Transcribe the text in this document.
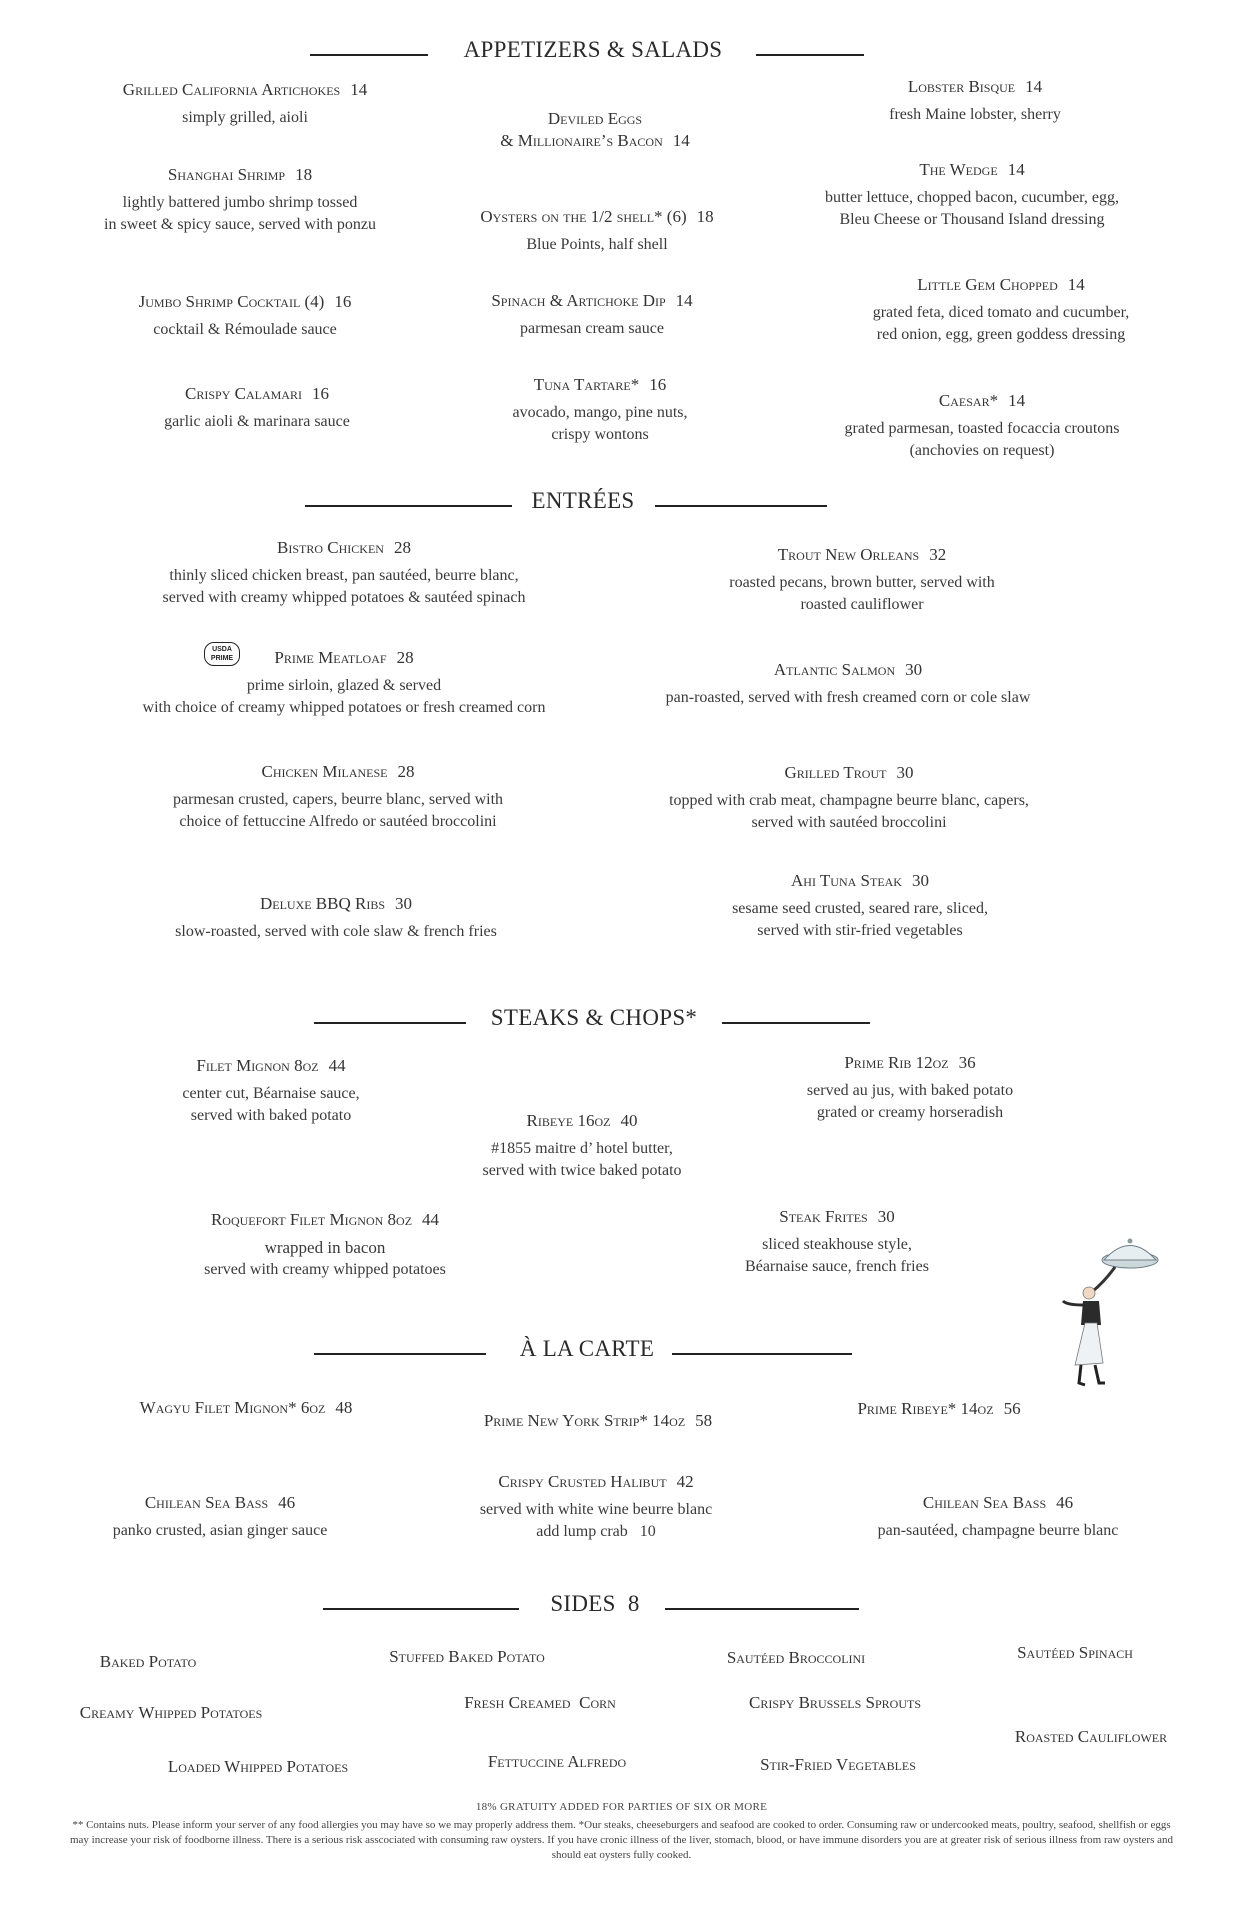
APPETIZERS & SALADS
Grilled California Artichokes 14
simply grilled, aioli
Shanghai Shrimp 18
lightly battered jumbo shrimp tossed
in sweet & spicy sauce, served with ponzu
Jumbo Shrimp Cocktail (4) 16
cocktail & Rémoulade sauce
Crispy Calamari 16
garlic aioli & marinara sauce
Deviled Eggs
& Millionaire’s Bacon 14
Oysters on the 1/2 shell* (6) 18
Blue Points, half shell
Spinach & Artichoke Dip 14
parmesan cream sauce
Tuna Tartare* 16
avocado, mango, pine nuts,
crispy wontons
Lobster Bisque 14
fresh Maine lobster, sherry
The Wedge 14
butter lettuce, chopped bacon, cucumber, egg,
Bleu Cheese or Thousand Island dressing
Little Gem Chopped 14
grated feta, diced tomato and cucumber,
red onion, egg, green goddess dressing
Caesar* 14
grated parmesan, toasted focaccia croutons
(anchovies on request)
ENTRÉES
Bistro Chicken 28
thinly sliced chicken breast, pan sautéed, beurre blanc,
served with creamy whipped potatoes & sautéed spinach
USDA
PRIME	Prime Meatloaf 28
prime sirloin, glazed & served
with choice of creamy whipped potatoes or fresh creamed corn
Chicken Milanese 28
parmesan crusted, capers, beurre blanc, served with
choice of fettuccine Alfredo or sautéed broccolini
Deluxe BBQ Ribs 30
slow-roasted, served with cole slaw & french fries
Trout New Orleans 32
roasted pecans, brown butter, served with
roasted cauliflower
Atlantic Salmon 30
pan-roasted, served with fresh creamed corn or cole slaw
Grilled Trout 30
topped with crab meat, champagne beurre blanc, capers,
served with sautéed broccolini
Ahi Tuna Steak 30
sesame seed crusted, seared rare, sliced,
served with stir-fried vegetables
STEAKS & CHOPS*
Filet Mignon 8oz 44
center cut, Béarnaise sauce,
served with baked potato	Ribeye 16oz 40
#1855 maitre d’ hotel butter,
served with twice baked potato
Prime Rib 12oz 36
served au jus, with baked potato
grated or creamy horseradish
Roquefort Filet Mignon 8oz 44
wrapped in bacon
served with creamy whipped potatoes
Steak Frites 30
sliced steakhouse style,
Béarnaise sauce, french fries
À LA CARTE
Wagyu Filet Mignon* 6oz 48
Prime New York Strip* 14oz 58
Prime Ribeye* 14oz 56
Chilean Sea Bass 46
panko crusted, asian ginger sauce
Crispy Crusted Halibut 42
served with white wine beurre blanc
add lump crab   10
Chilean Sea Bass 46
pan-sautéed, champagne beurre blanc
SIDES  8
Baked Potato
Creamy Whipped Potatoes
Loaded Whipped Potatoes
Stuffed Baked Potato
Fresh Creamed  Corn
Fettuccine Alfredo
Sautéed Broccolini
Crispy Brussels Sprouts
Stir-Fried Vegetables
Sautéed Spinach
Roasted Cauliflower
18% GRATUITY ADDED FOR PARTIES OF SIX OR MORE
** Contains nuts. Please inform your server of any food allergies you may have so we may properly address them. *Our steaks, cheeseburgers and seafood are cooked to order. Consuming raw or undercooked meats, poultry, seafood, shellfish or eggs may increase your risk of foodborne illness. There is a serious risk asscociated with consuming raw oysters. If you have cronic illness of the liver, stomach, blood, or have immune disorders you are at greater risk of serious illness from raw oysters and should eat oysters fully cooked.
